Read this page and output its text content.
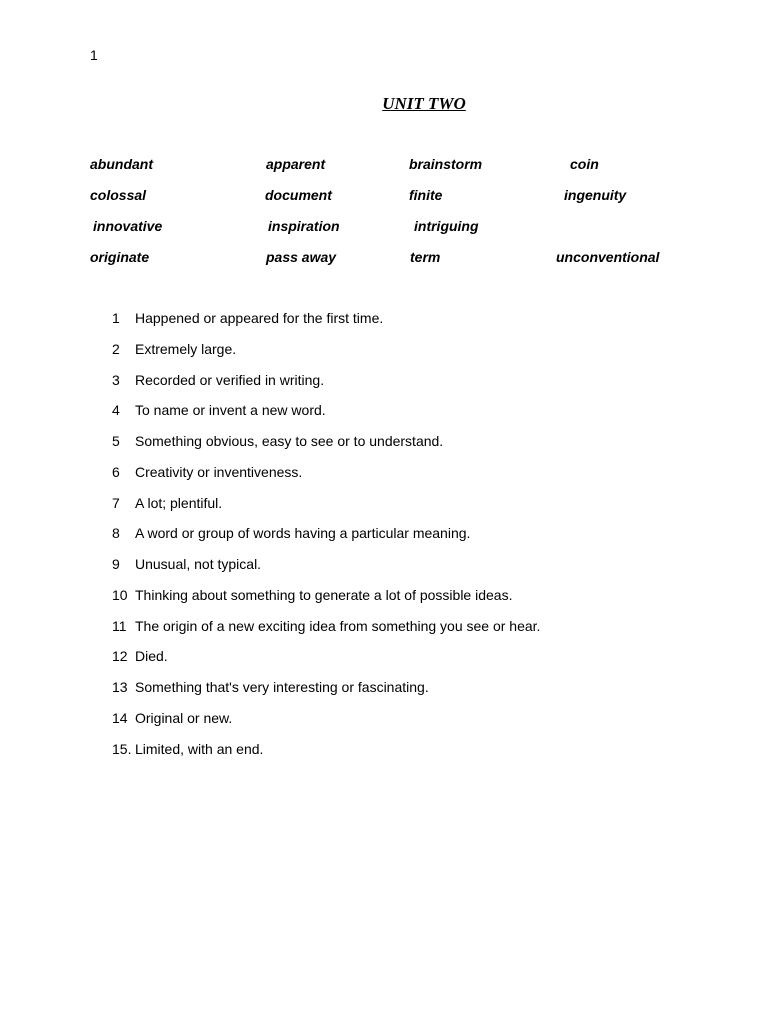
1
UNIT TWO
abundant	apparent	brainstorm	coin
colossal	document	finite	ingenuity
innovative	inspiration	intriguing
originate	pass away	term	unconventional
1 Happened or appeared for the first time.
2 Extremely large.
3 Recorded or verified in writing.
4 To name or invent a new word.
5 Something obvious, easy to see or to understand.
6 Creativity or inventiveness.
7 A lot; plentiful.
8 A word or group of words having a particular meaning.
9 Unusual, not typical.
10 Thinking about something to generate a lot of possible ideas.
11 The origin of a new exciting idea from something you see or hear.
12 Died.
13 Something that's very interesting or fascinating.
14 Original or new.
15. Limited, with an end.
